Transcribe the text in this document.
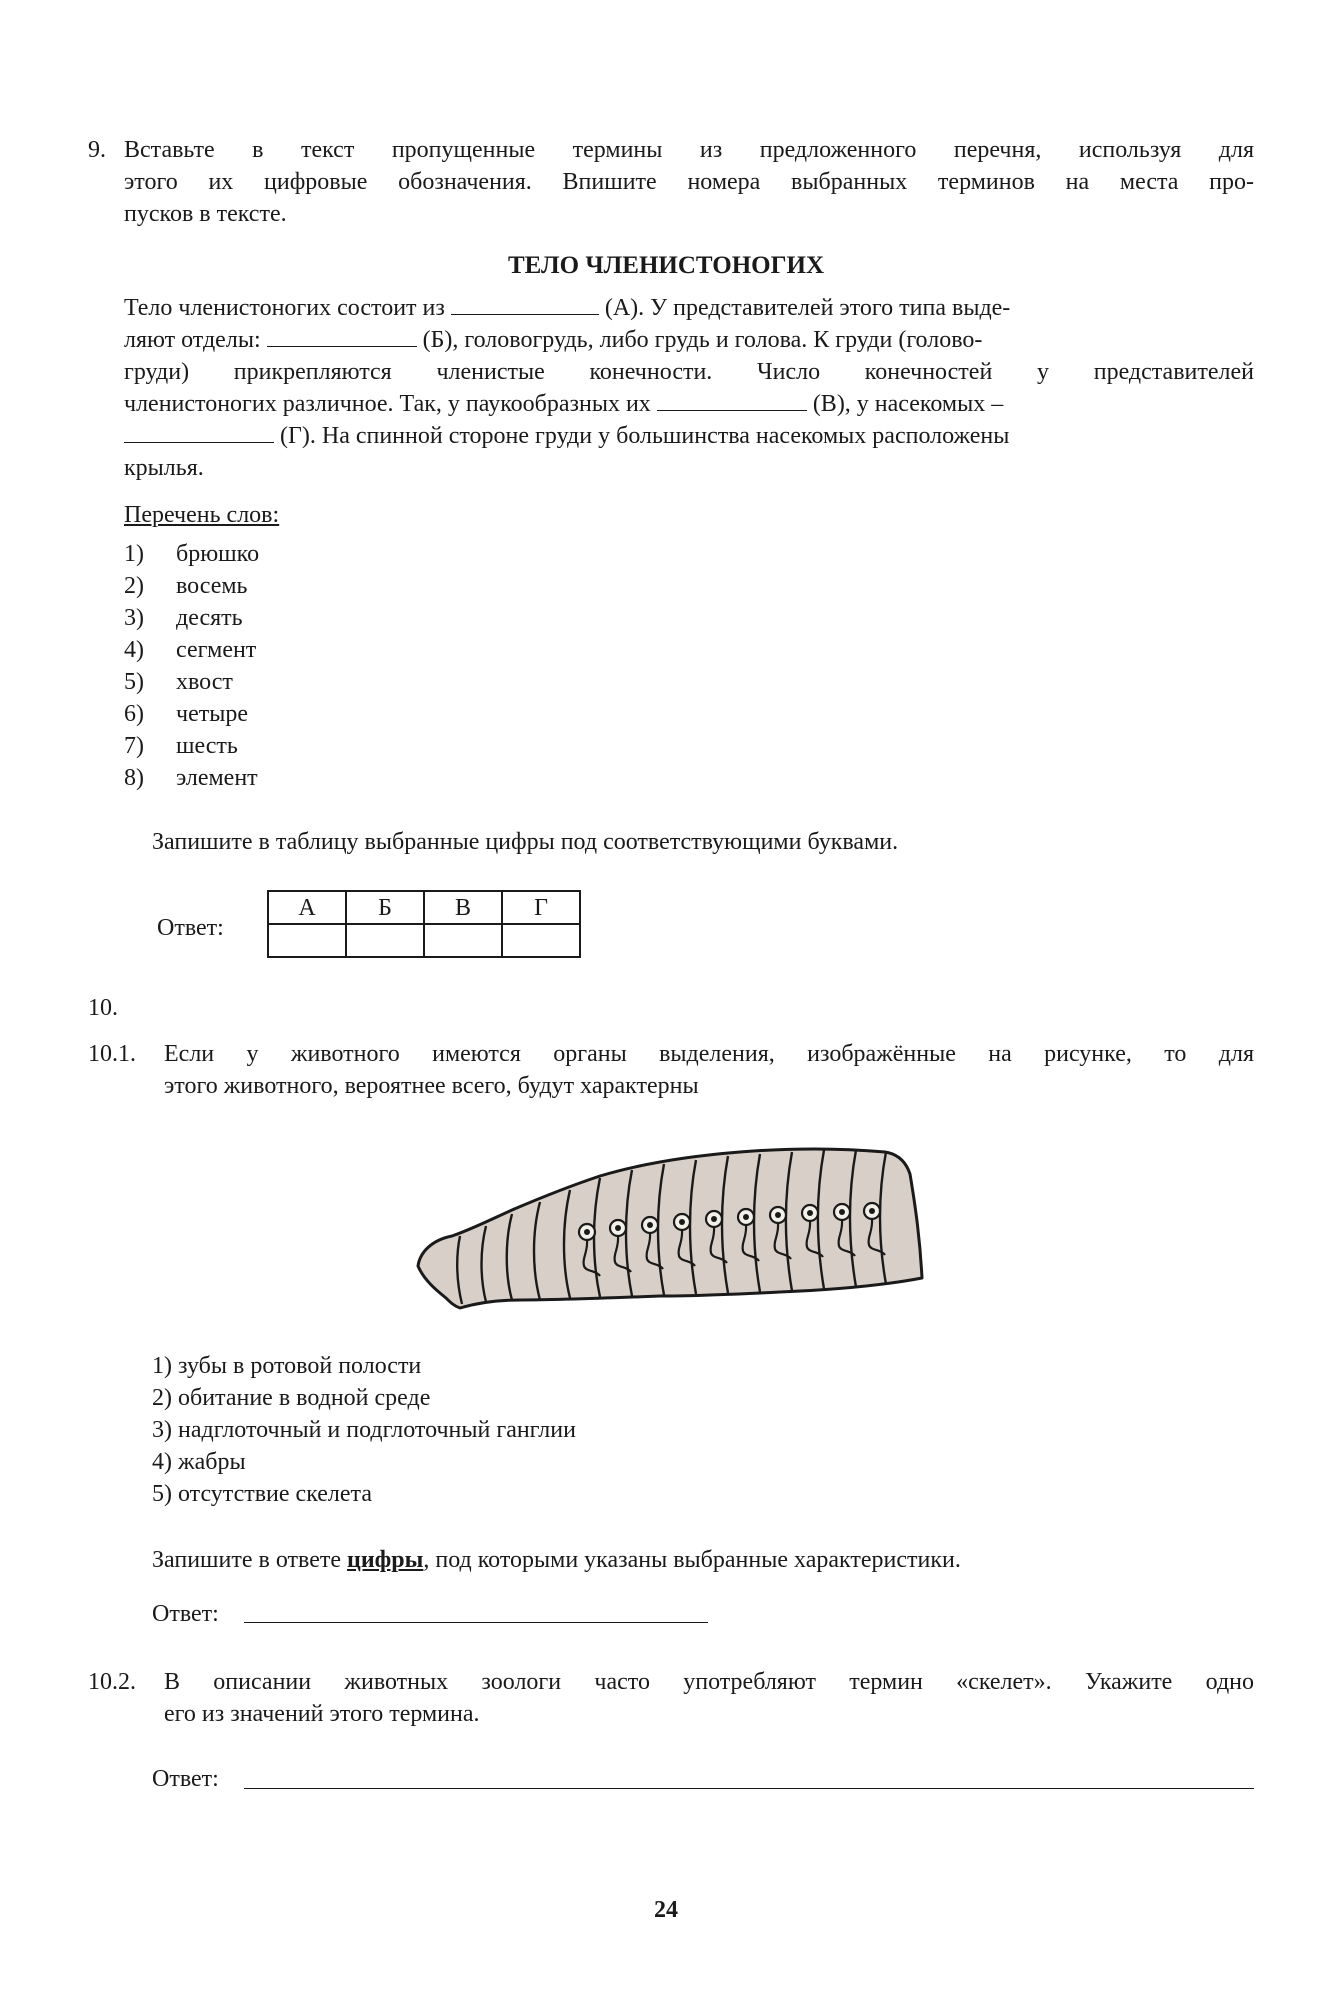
9. Вставьте в текст пропущенные термины из предложенного перечня, используя для
этого их цифровые обозначения. Впишите номера выбранных терминов на места про-
пусков в тексте.
ТЕЛО ЧЛЕНИСТОНОГИХ
Тело членистоногих состоит из	(А). У представителей этого типа выде-
ляют отделы:	(Б), головогрудь, либо грудь и голова. К груди (голово-
груди) прикрепляются членистые конечности. Число конечностей у представителей
членистоногих различное. Так, у паукообразных их	(В), у насекомых –
(Г). На спинной стороне груди у большинства насекомых расположены
крылья.
Перечень слов:
1) брюшко
2) восемь
3) десять
4) сегмент
5) хвост
6) четыре
7) шесть
8) элемент
Запишите в таблицу выбранные цифры под соответствующими буквами.
Ответ:
А	Б	В	Г

10.
10.1. Если у животного имеются органы выделения, изображённые на рисунке, то для
этого животного, вероятнее всего, будут характерны
1) зубы в ротовой полости
2) обитание в водной среде
3) надглоточный и подглоточный ганглии
4) жабры
5) отсутствие скелета
Запишите в ответе цифры, под которыми указаны выбранные характеристики.
Ответ:
10.2. В описании животных зоологи часто употребляют термин «скелет». Укажите одно
его из значений этого термина.
Ответ:
24
